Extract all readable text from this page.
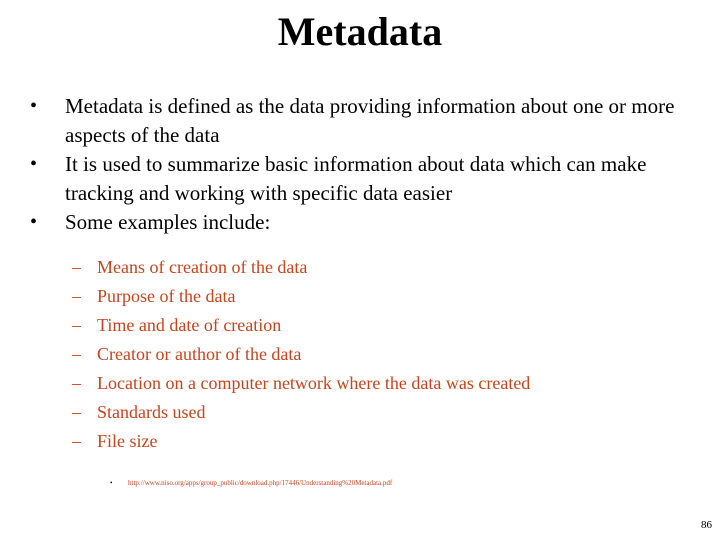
Metadata
• Metadata is defined as the data providing information about one or more aspects of the data
• It is used to summarize basic information about data which can make tracking and working with specific data easier
• Some examples include:
– Means of creation of the data
– Purpose of the data
– Time and date of creation
– Creator or author of the data
– Location on a computer network where the data was created
– Standards used
– File size
• http://www.niso.org/apps/group_public/download.php/17446/Understanding%20Metadata.pdf
86
